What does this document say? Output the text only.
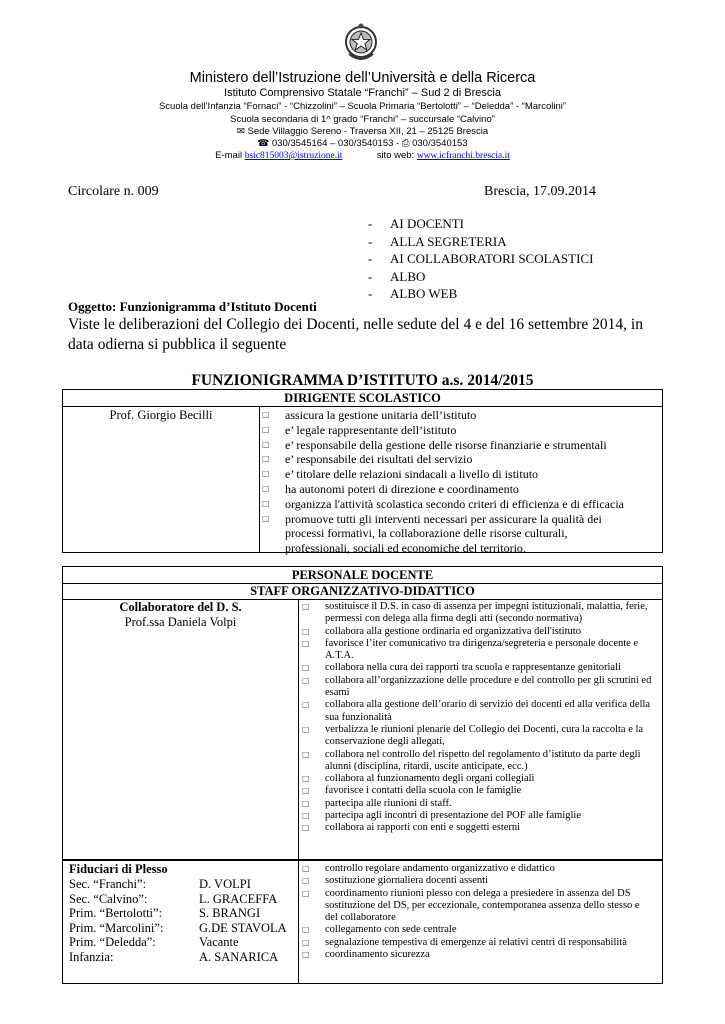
Ministero dell’Istruzione dell’Università e della Ricerca
Istituto Comprensivo Statale “Franchi” – Sud 2 di Brescia
Scuola dell’Infanzia “Fornaci” - “Chizzolini” – Scuola Primaria “Bertolotti” – “Deledda” - “Marcolini”
Scuola secondaria di 1^ grado “Franchi” – succursale “Calvino”
✉ Sede Villaggio Sereno - Traversa XII, 21 – 25125 Brescia
☎ 030/3545164 – 030/3540153 - ⎙ 030/3540153
E-mail bsic815003@istruzione.it	sito web: www.icfranchi.brescia.it
Circolare n. 009	Brescia, 17.09.2014
- AI DOCENTI
- ALLA SEGRETERIA
- AI COLLABORATORI SCOLASTICI
- ALBO
- ALBO WEB
Oggetto: Funzionigramma d’Istituto Docenti
Viste le deliberazioni del Collegio dei Docenti, nelle sedute del 4 e del 16 settembre 2014, in data odierna si pubblica il seguente
FUNZIONIGRAMMA D’ISTITUTO a.s. 2014/2015
DIRIGENTE SCOLASTICO
Prof. Giorgio Becilli	□ assicura la gestione unitaria dell’istituto
□ e’ legale rappresentante dell’istituto
□ e’ responsabile della gestione delle risorse finanziarie e strumentali
□ e’ responsabile dei risultati del servizio
□ e’ titolare delle relazioni sindacali a livello di istituto
□ ha autonomi poteri di direzione e coordinamento
□ organizza l'attività scolastica secondo criteri di efficienza e di efficacia
□ promuove tutti gli interventi necessari per assicurare la qualità dei processi formativi, la collaborazione delle risorse culturali, professionali, sociali ed economiche del territorio.
PERSONALE DOCENTE
STAFF ORGANIZZATIVO-DIDATTICO
Collaboratore del D. S.
Prof.ssa Daniela Volpi
□ sostituisce il D.S. in caso di assenza per impegni istituzionali, malattia, ferie, permessi con delega alla firma degli atti (secondo normativa)
□ collabora alla gestione ordinaria ed organizzativa dell'istituto
□ favorisce l’iter comunicativo tra dirigenza/segreteria e personale docente e A.T.A.
□ collabora nella cura dei rapporti tra scuola e rappresentanze genitoriali
□ collabora all’organizzazione delle procedure e del controllo per gli scrutini ed esami
□ collabora alla gestione dell’orario di servizio dei docenti ed alla verifica della sua funzionalità
□ verbalizza le riunioni plenarie del Collegio dei Docenti, cura la raccolta e la conservazione degli allegati,
□ collabora nel controllo del rispetto del regolamento d’istituto da parte degli alunni (disciplina, ritardi, uscite anticipate, ecc.)
□ collabora al funzionamento degli organi collegiali
□ favorisce i contatti della scuola con le famiglie
□ partecipa alle riunioni di staff.
□ partecipa agli incontri di presentazione del POF alle famiglie
□ collabora ai rapporti con enti e soggetti esterni
Fiduciari di Plesso
Sec. “Franchi”:	D. VOLPI
Sec. “Calvino”:	L. GRACEFFA
Prim. “Bertolotti”:	S. BRANGI
Prim. “Marcolini”:	G.DE STAVOLA
Prim. “Deledda”:	Vacante
Infanzia:	A. SANARICA
□ controllo regolare andamento organizzativo e didattico
□ sostituzione giornaliera docenti assenti
□ coordinamento riunioni plesso con delega a presiedere in assenza del DS sostituzione del DS, per eccezionale, contemporanea assenza dello stesso e del collaboratore
□ collegamento con sede centrale
□ segnalazione tempestiva di emergenze ai relativi centri di responsabilità
□ coordinamento sicurezza
